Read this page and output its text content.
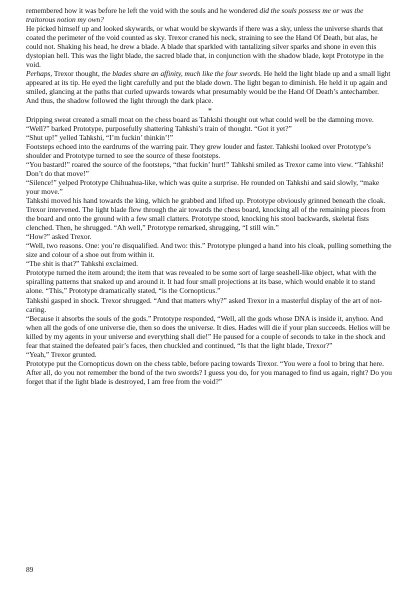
remembered how it was before he left the void with the souls and he wondered did the souls possess me or was the traitorous notion my own?

He picked himself up and looked skywards, or what would be skywards if there was a sky, unless the universe shards that coated the perimeter of the void counted as sky. Trexor craned his neck, straining to see the Hand Of Death, but alas, he could not. Shaking his head, he drew a blade. A blade that sparkled with tantalizing silver sparks and shone in even this dystopian hell. This was the light blade, the sacred blade that, in conjunction with the shadow blade, kept Prototype in the void.

Perhaps, Trexor thought, the blades share an affinity, much like the four swords. He held the light blade up and a small light appeared at its tip. He eyed the light carefully and put the blade down. The light began to diminish. He held it up again and smiled, glancing at the paths that curled upwards towards what presumably would be the Hand Of Death’s antechamber.

And thus, the shadow followed the light through the dark place.

*

Dripping sweat created a small moat on the chess board as Tahkshi thought out what could well be the damning move. “Well?” barked Prototype, purposefully shattering Tahkshi’s train of thought. “Got it yet?”

“Shut up!” yelled Tahkshi, “I’m fuckin’ thinkin’!”

Footsteps echoed into the eardrums of the warring pair. They grew louder and faster. Tahkshi looked over Prototype’s shoulder and Prototype turned to see the source of these footsteps.

“You bastard!” roared the source of the footsteps, “that fuckin’ hurt!” Tahkshi smiled as Trexor came into view. “Tahkshi! Don’t do that move!”

“Silence!” yelped Prototype Chihuahua-like, which was quite a surprise. He rounded on Tahkshi and said slowly, “make your move.”

Tahkshi moved his hand towards the king, which he grabbed and lifted up. Prototype obviously grinned beneath the cloak.

Trexor intervened. The light blade flew through the air towards the chess board, knocking all of the remaining pieces from the board and onto the ground with a few small clatters. Prototype stood, knocking his stool backwards, skeletal fists clenched. Then, he shrugged. “Ah well,” Prototype remarked, shrugging, “I still win.”

“How?” asked Trexor.

“Well, two reasons. One: you’re disqualified. And two: this.” Prototype plunged a hand into his cloak, pulling something the size and colour of a shoe out from within it.

“The shit is that?” Tahkshi exclaimed.

Prototype turned the item around; the item that was revealed to be some sort of large seashell-like object, what with the spiralling patterns that snaked up and around it. It had four small projections at its base, which would enable it to stand alone. “This,” Prototype dramatically stated, “is the Cornopticus.”

Tahkshi gasped in shock. Trexor shrugged. “And that matters why?” asked Trexor in a masterful display of the art of not-caring.

“Because it absorbs the souls of the gods.” Prototype responded, “Well, all the gods whose DNA is inside it, anyhoo. And when all the gods of one universe die, then so does the universe. It dies. Hades will die if your plan succeeds. Helios will be killed by my agents in your universe and everything shall die!” He paused for a couple of seconds to take in the shock and fear that stained the defeated pair’s faces, then chuckled and continued, “Is that the light blade, Trexor?”

“Yeah,” Trexor grunted.

Prototype put the Cornopticus down on the chess table, before pacing towards Trexor. “You were a fool to bring that here. After all, do you not remember the bond of the two swords? I guess you do, for you managed to find us again, right? Do you forget that if the light blade is destroyed, I am free from the void?”

89
